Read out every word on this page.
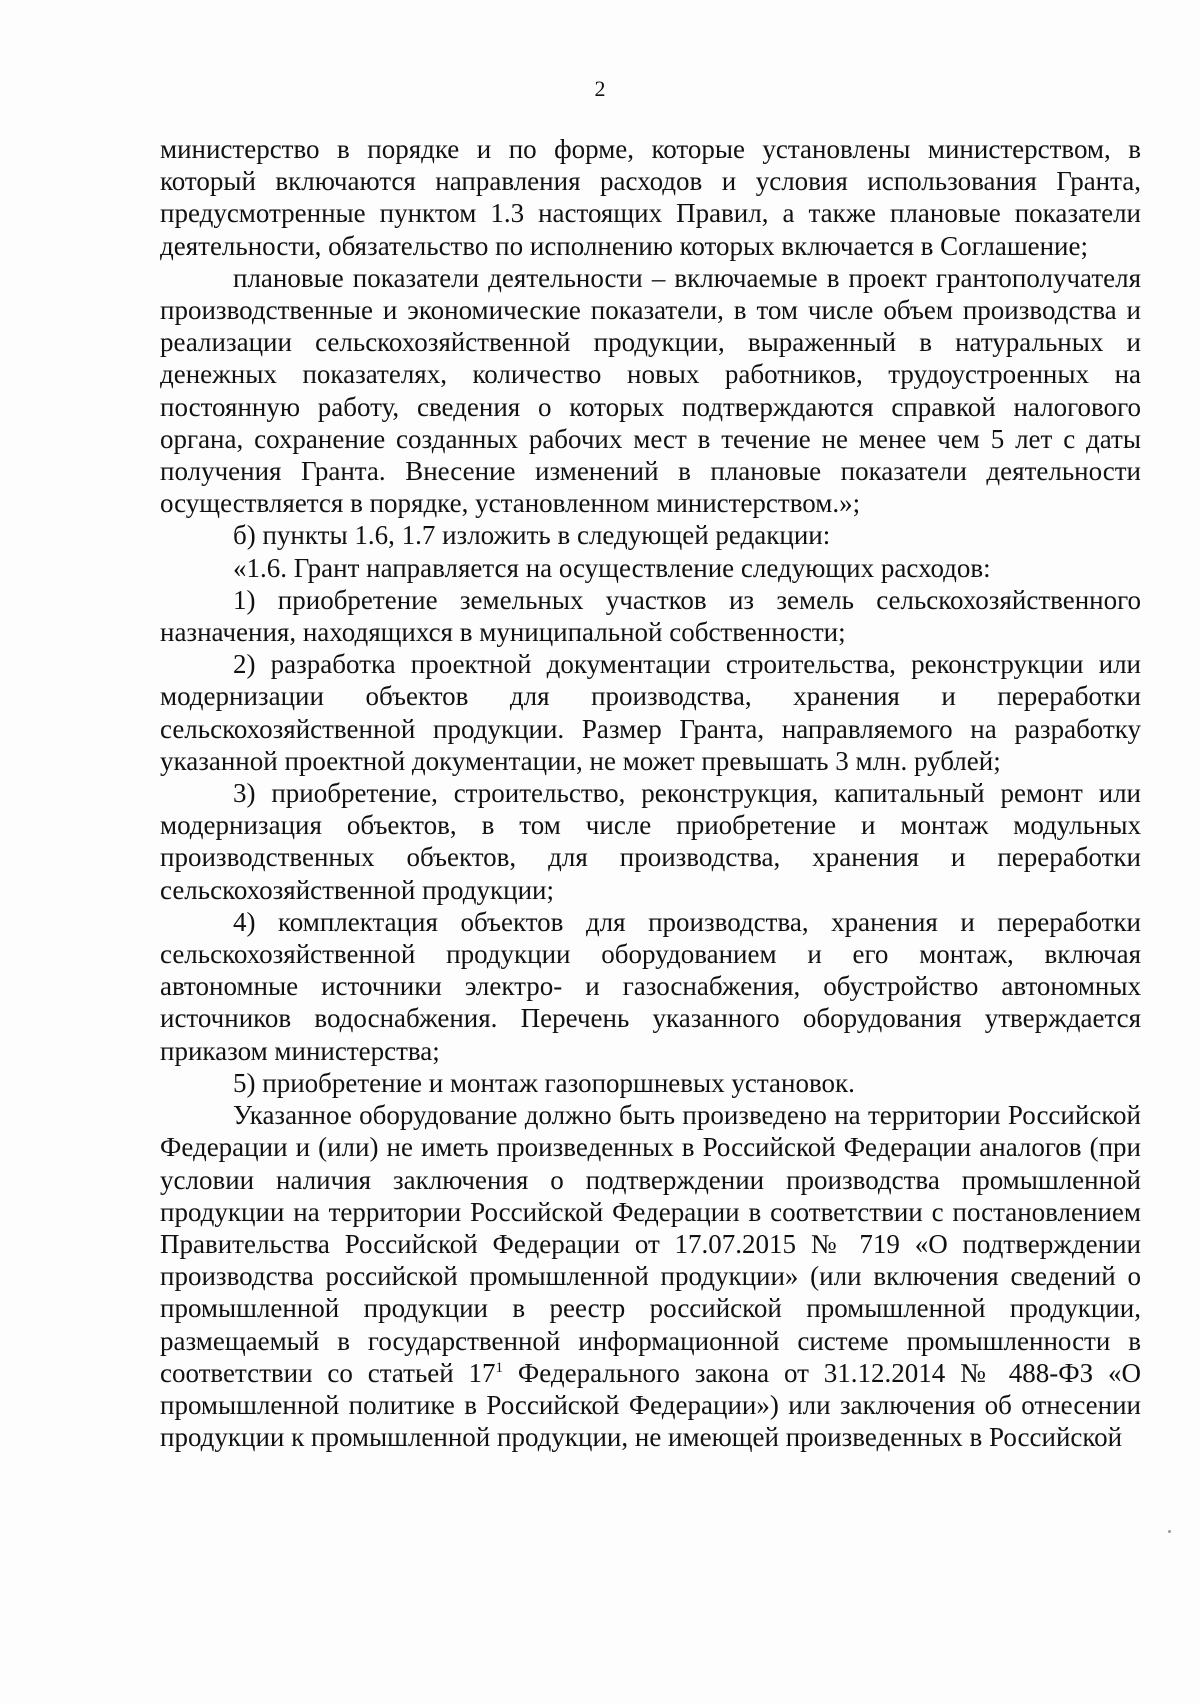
2

министерство в порядке и по форме, которые установлены министерством, в который включаются направления расходов и условия использования Гранта, предусмотренные пунктом 1.3 настоящих Правил, а также плановые показатели деятельности, обязательство по исполнению которых включается в Соглашение;

плановые показатели деятельности – включаемые в проект грантополучателя производственные и экономические показатели, в том числе объем производства и реализации сельскохозяйственной продукции, выраженный в натуральных и денежных показателях, количество новых работников, трудоустроенных на постоянную работу, сведения о которых подтверждаются справкой налогового органа, сохранение созданных рабочих мест в течение не менее чем 5 лет с даты получения Гранта. Внесение изменений в плановые показатели деятельности осуществляется в порядке, установленном министерством.»;

б) пункты 1.6, 1.7 изложить в следующей редакции:

«1.6. Грант направляется на осуществление следующих расходов:

1) приобретение земельных участков из земель сельскохозяйственного назначения, находящихся в муниципальной собственности;

2) разработка проектной документации строительства, реконструкции или модернизации объектов для производства, хранения и переработки сельскохозяйственной продукции. Размер Гранта, направляемого на разработку указанной проектной документации, не может превышать 3 млн. рублей;

3) приобретение, строительство, реконструкция, капитальный ремонт или модернизация объектов, в том числе приобретение и монтаж модульных производственных объектов, для производства, хранения и переработки сельскохозяйственной продукции;

4) комплектация объектов для производства, хранения и переработки сельскохозяйственной продукции оборудованием и его монтаж, включая автономные источники электро- и газоснабжения, обустройство автономных источников водоснабжения. Перечень указанного оборудования утверждается приказом министерства;

5) приобретение и монтаж газопоршневых установок.

Указанное оборудование должно быть произведено на территории Российской Федерации и (или) не иметь произведенных в Российской Федерации аналогов (при условии наличия заключения о подтверждении производства промышленной продукции на территории Российской Федерации в соответствии с постановлением Правительства Российской Федерации от 17.07.2015 № 719 «О подтверждении производства российской промышленной продукции» (или включения сведений о промышленной продукции в реестр российской промышленной продукции, размещаемый в государственной информационной системе промышленности в соответствии со статьей $17^1$ Федерального закона от 31.12.2014 № 488-ФЗ «О промышленной политике в Российской Федерации») или заключения об отнесении продукции к промышленной продукции, не имеющей произведенных в Российской
